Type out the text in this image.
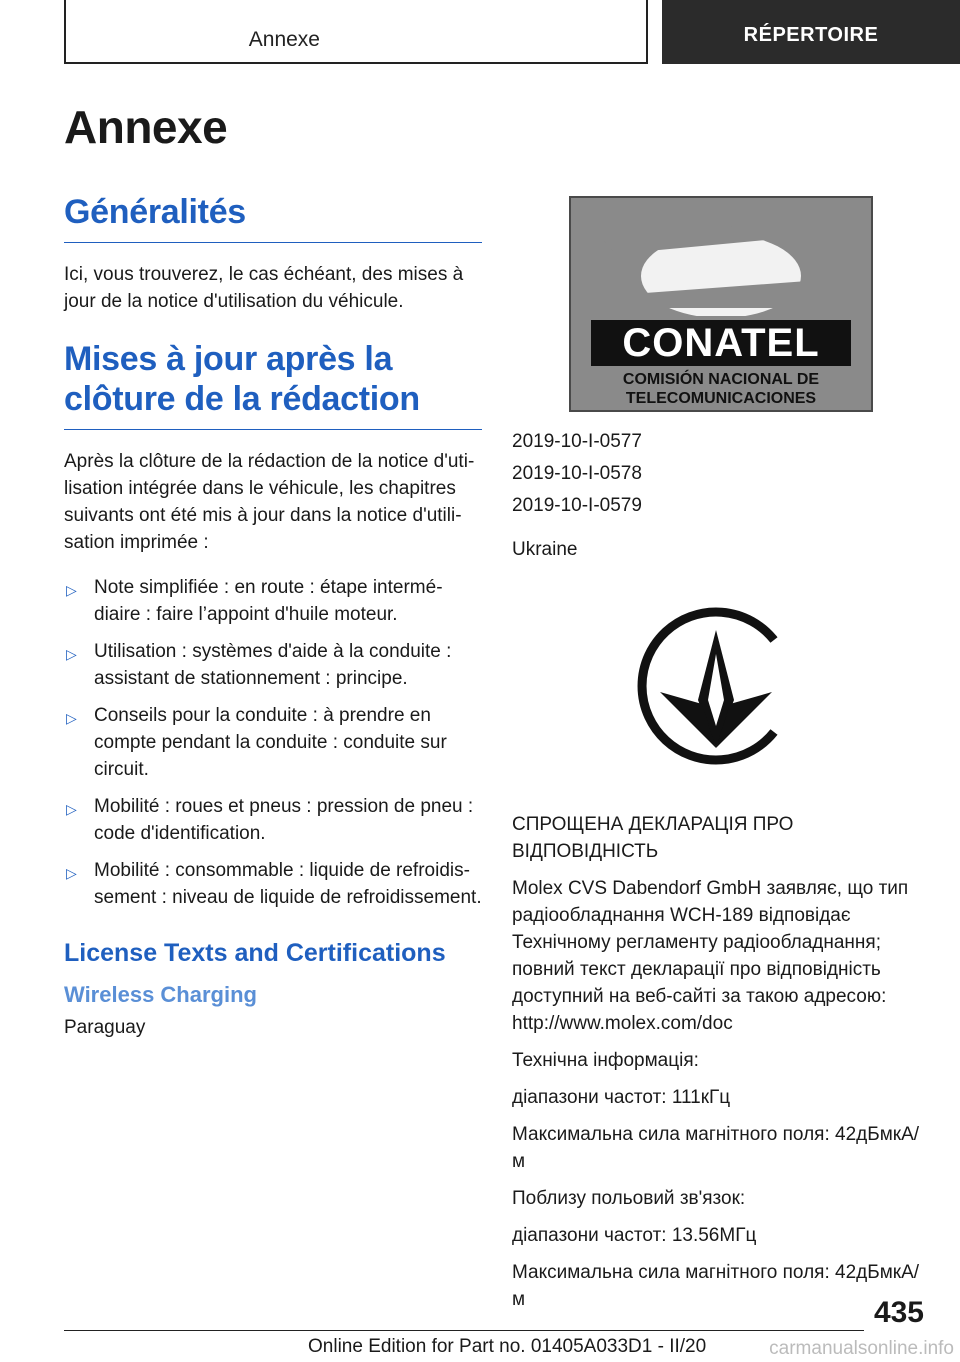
Annexe	RÉPERTOIRE
Annexe
Généralités

Ici, vous trouverez, le cas échéant, des mises à jour de la notice d'utilisation du véhicule.

Mises à jour après la clôture de la rédaction

Après la clôture de la rédaction de la notice d'utilisation intégrée dans le véhicule, les chapitres suivants ont été mis à jour dans la notice d'utilisation imprimée :

▷ Note simplifiée : en route : étape intermédiaire : faire l’appoint d'huile moteur.
▷ Utilisation : systèmes d'aide à la conduite : assistant de stationnement : principe.
▷ Conseils pour la conduite : à prendre en compte pendant la conduite : conduite sur circuit.
▷ Mobilité : roues et pneus : pression de pneu : code d'identification.
▷ Mobilité : consommable : liquide de refroidissement : niveau de liquide de refroidissement.
License Texts and Certifications
Wireless Charging
Paraguay
CONATEL
COMISIÓN NACIONAL DE
TELECOMUNICACIONES
2019-10-I-0577
2019-10-I-0578
2019-10-I-0579
Ukraine

СПРОЩЕНА ДЕКЛАРАЦІЯ ПРО ВІДПОВІДНІСТЬ

Molex CVS Dabendorf GmbH заявляє, що тип радіообладнання WCH-189 відповідає Технічному регламенту радіообладнання; повний текст декларації про відповідність доступний на веб-сайті за такою адресою: http://www.molex.com/doc

Технічна інформація:

діапазони частот: 111кГц

Максимальна сила магнітного поля: 42дБмкА/м

Поблизу польовий зв'язок:

діапазони частот: 13.56МГц

Максимальна сила магнітного поля: 42дБмкА/м	435
Online Edition for Part no. 01405A033D1 - II/20	carmanualsonline.info
